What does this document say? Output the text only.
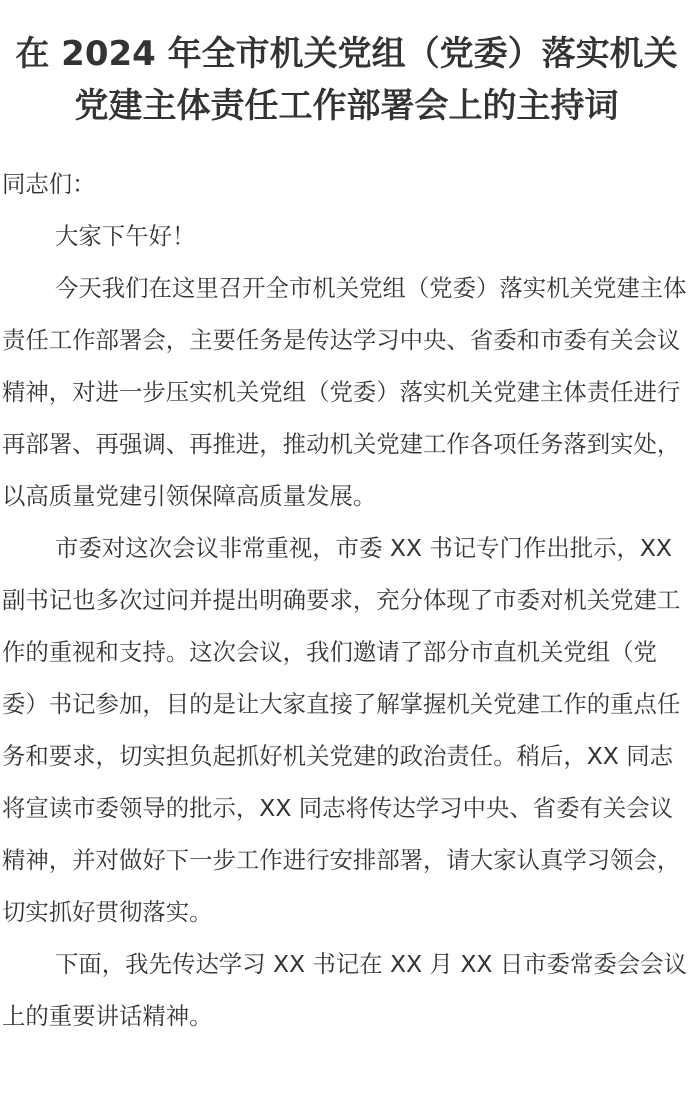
在 2024 年全市机关党组（党委）落实机关
党建主体责任工作部署会上的主持词

同志们：

大家下午好！

今天我们在这里召开全市机关党组（党委）落实机关党建主体责任工作部署会，主要任务是传达学习中央、省委和市委有关会议精神，对进一步压实机关党组（党委）落实机关党建主体责任进行再部署、再强调、再推进，推动机关党建工作各项任务落到实处，以高质量党建引领保障高质量发展。

市委对这次会议非常重视，市委 XX 书记专门作出批示，XX 副书记也多次过问并提出明确要求，充分体现了市委对机关党建工作的重视和支持。这次会议，我们邀请了部分市直机关党组（党委）书记参加，目的是让大家直接了解掌握机关党建工作的重点任务和要求，切实担负起抓好机关党建的政治责任。稍后，XX 同志将宣读市委领导的批示，XX 同志将传达学习中央、省委有关会议精神，并对做好下一步工作进行安排部署，请大家认真学习领会，切实抓好贯彻落实。

下面，我先传达学习 XX 书记在 XX 月 XX 日市委常委会会议上的重要讲话精神。
